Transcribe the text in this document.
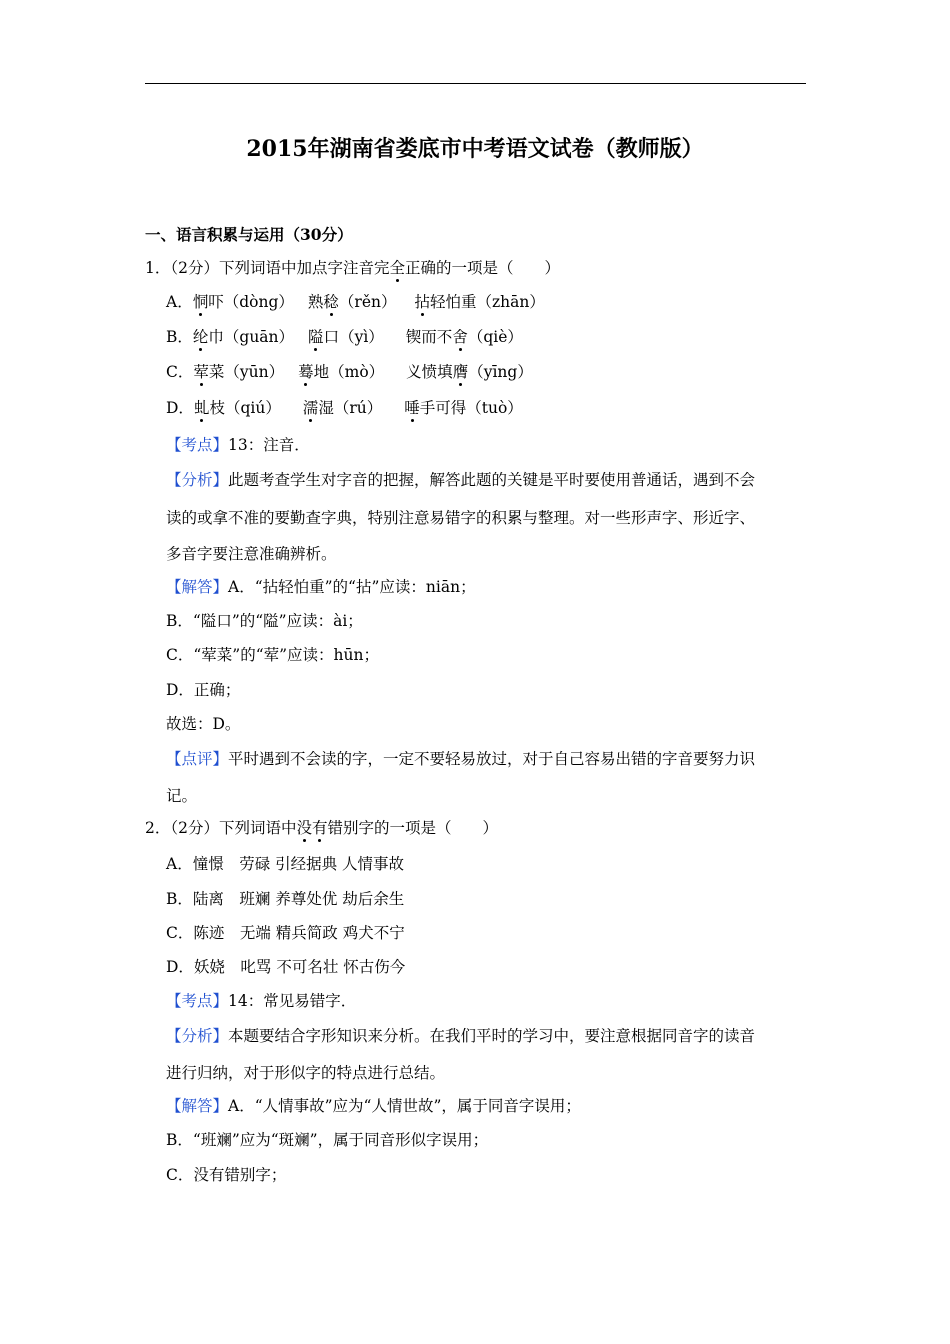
2015年湖南省娄底市中考语文试卷（教师版）
一、语言积累与运用（30分）
1．（2分）下列词语中加点字注音完全正确的一项是（　　）
A．恫吓（dòng） 熟稔（rěn） 拈轻怕重（zhān）
B．纶巾（guān） 隘口（yì） 锲而不舍（qiè）
C．荤菜（yūn） 蓦地（mò） 义愤填膺（yīng）
D．虬枝（qiú） 濡湿（rú） 唾手可得（tuò）
【考点】13：注音．
【分析】此题考查学生对字音的把握，解答此题的关键是平时要使用普通话，遇到不会
读的或拿不准的要勤查字典，特别注意易错字的积累与整理。对一些形声字、形近字、
多音字要注意准确辨析。
【解答】A．“拈轻怕重”的“拈”应读：niān；
B．“隘口”的“隘”应读：ài；
C．“荤菜”的“荤”应读：hūn；
D．正确；
故选：D。
【点评】平时遇到不会读的字，一定不要轻易放过，对于自己容易出错的字音要努力识
记。
2．（2分）下列词语中没有错别字的一项是（　　）
A．憧憬　劳碌 引经据典 人情事故
B．陆离　班斓 养尊处优 劫后余生
C．陈迹　无端 精兵简政 鸡犬不宁
D．妖娆　叱骂 不可名壮 怀古伤今
【考点】14：常见易错字．
【分析】本题要结合字形知识来分析。在我们平时的学习中，要注意根据同音字的读音
进行归纳，对于形似字的特点进行总结。
【解答】A．“人情事故”应为“人情世故”，属于同音字误用；
B．“班斓”应为“斑斓”，属于同音形似字误用；
C．没有错别字；
